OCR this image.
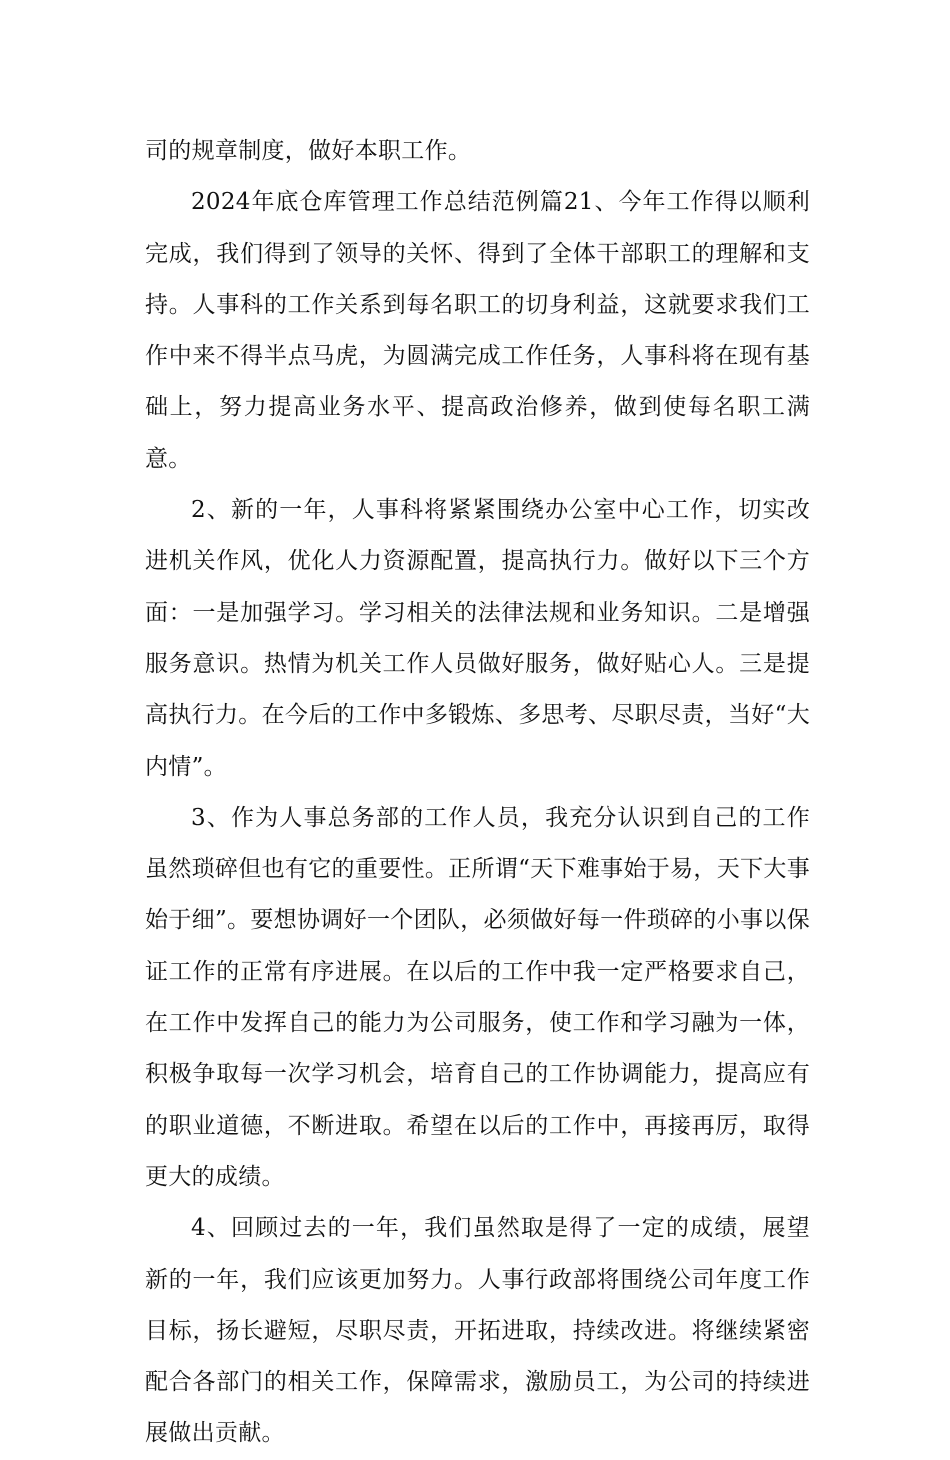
司的规章制度，做好本职工作。

2024年底仓库管理工作总结范例篇21、今年工作得以顺利完成，我们得到了领导的关怀、得到了全体干部职工的理解和支持。人事科的工作关系到每名职工的切身利益，这就要求我们工作中来不得半点马虎，为圆满完成工作任务，人事科将在现有基础上，努力提高业务水平、提高政治修养，做到使每名职工满意。

2、新的一年，人事科将紧紧围绕办公室中心工作，切实改进机关作风，优化人力资源配置，提高执行力。做好以下三个方面：一是加强学习。学习相关的法律法规和业务知识。二是增强服务意识。热情为机关工作人员做好服务，做好贴心人。三是提高执行力。在今后的工作中多锻炼、多思考、尽职尽责，当好“大内情”。

3、作为人事总务部的工作人员，我充分认识到自己的工作虽然琐碎但也有它的重要性。正所谓“天下难事始于易，天下大事始于细”。要想协调好一个团队，必须做好每一件琐碎的小事以保证工作的正常有序进展。在以后的工作中我一定严格要求自己，在工作中发挥自己的能力为公司服务，使工作和学习融为一体，积极争取每一次学习机会，培育自己的工作协调能力，提高应有的职业道德，不断进取。希望在以后的工作中，再接再厉，取得更大的成绩。

4、回顾过去的一年，我们虽然取是得了一定的成绩，展望新的一年，我们应该更加努力。人事行政部将围绕公司年度工作目标，扬长避短，尽职尽责，开拓进取，持续改进。将继续紧密配合各部门的相关工作，保障需求，激励员工，为公司的持续进展做出贡献。
